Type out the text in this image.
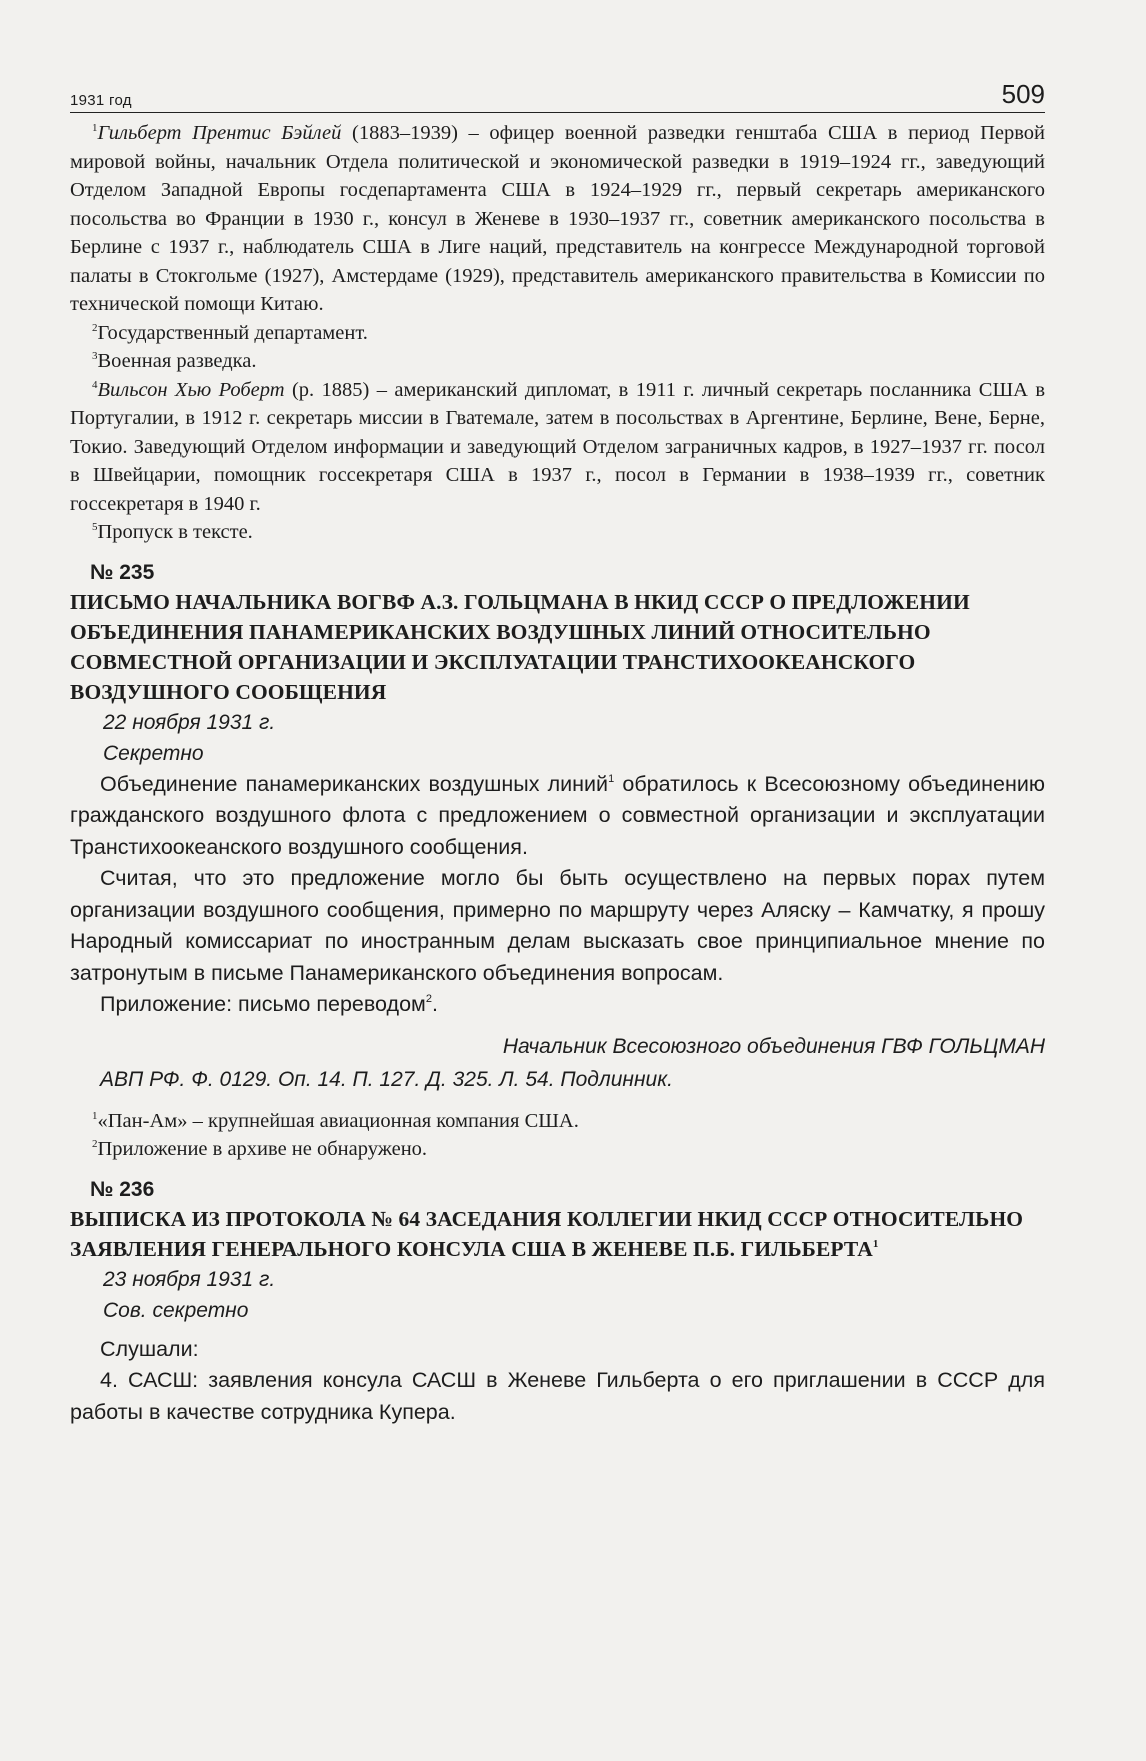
1931 год	509

$^1$Гильберт Прентис Бэйлей (1883–1939) – офицер военной разведки генштаба США в период Первой мировой войны, начальник Отдела политической и экономической разведки в 1919–1924 гг., заведующий Отделом Западной Европы госдепартамента США в 1924–1929 гг., первый секретарь американского посольства во Франции в 1930 г., консул в Женеве в 1930–1937 гг., советник американского посольства в Берлине с 1937 г., наблюдатель США в Лиге наций, представитель на конгрессе Международной торговой палаты в Стокгольме (1927), Амстердаме (1929), представитель американского правительства в Комиссии по технической помощи Китаю.

$^2$Государственный департамент.

$^3$Военная разведка.

$^4$Вильсон Хью Роберт (р. 1885) – американский дипломат, в 1911 г. личный секретарь посланника США в Португалии, в 1912 г. секретарь миссии в Гватемале, затем в посольствах в Аргентине, Берлине, Вене, Берне, Токио. Заведующий Отделом информации и заведующий Отделом заграничных кадров, в 1927–1937 гг. посол в Швейцарии, помощник госсекретаря США в 1937 г., посол в Германии в 1938–1939 гг., советник госсекретаря в 1940 г.

$^5$Пропуск в тексте.

№ 235

ПИСЬМО НАЧАЛЬНИКА ВОГВФ А.З. ГОЛЬЦМАНА В НКИД СССР О ПРЕДЛОЖЕНИИ ОБЪЕДИНЕНИЯ ПАНАМЕРИКАНСКИХ ВОЗДУШНЫХ ЛИНИЙ ОТНОСИТЕЛЬНО СОВМЕСТНОЙ ОРГАНИЗАЦИИ И ЭКСПЛУАТАЦИИ ТРАНСТИХООКЕАНСКОГО ВОЗДУШНОГО СООБЩЕНИЯ

22 ноября 1931 г.

Секретно

Объединение панамериканских воздушных линий$^1$ обратилось к Всесоюзному объединению гражданского воздушного флота с предложением о совместной организации и эксплуатации Транстихоокеанского воздушного сообщения.

Считая, что это предложение могло бы быть осуществлено на первых порах путем организации воздушного сообщения, примерно по маршруту через Аляску – Камчатку, я прошу Народный комиссариат по иностранным делам высказать свое принципиальное мнение по затронутым в письме Панамериканского объединения вопросам.

Приложение: письмо переводом$^2$.

Начальник Всесоюзного объединения ГВФ ГОЛЬЦМАН

АВП РФ. Ф. 0129. Оп. 14. П. 127. Д. 325. Л. 54. Подлинник.

$^1$«Пан-Ам» – крупнейшая авиационная компания США.

$^2$Приложение в архиве не обнаружено.

№ 236

ВЫПИСКА ИЗ ПРОТОКОЛА № 64 ЗАСЕДАНИЯ КОЛЛЕГИИ НКИД СССР ОТНОСИТЕЛЬНО ЗАЯВЛЕНИЯ ГЕНЕРАЛЬНОГО КОНСУЛА США В ЖЕНЕВЕ П.Б. ГИЛЬБЕРТА$^1$

23 ноября 1931 г.

Сов. секретно

Слушали:

4. САСШ: заявления консула САСШ в Женеве Гильберта о его приглашении в СССР для работы в качестве сотрудника Купера.
